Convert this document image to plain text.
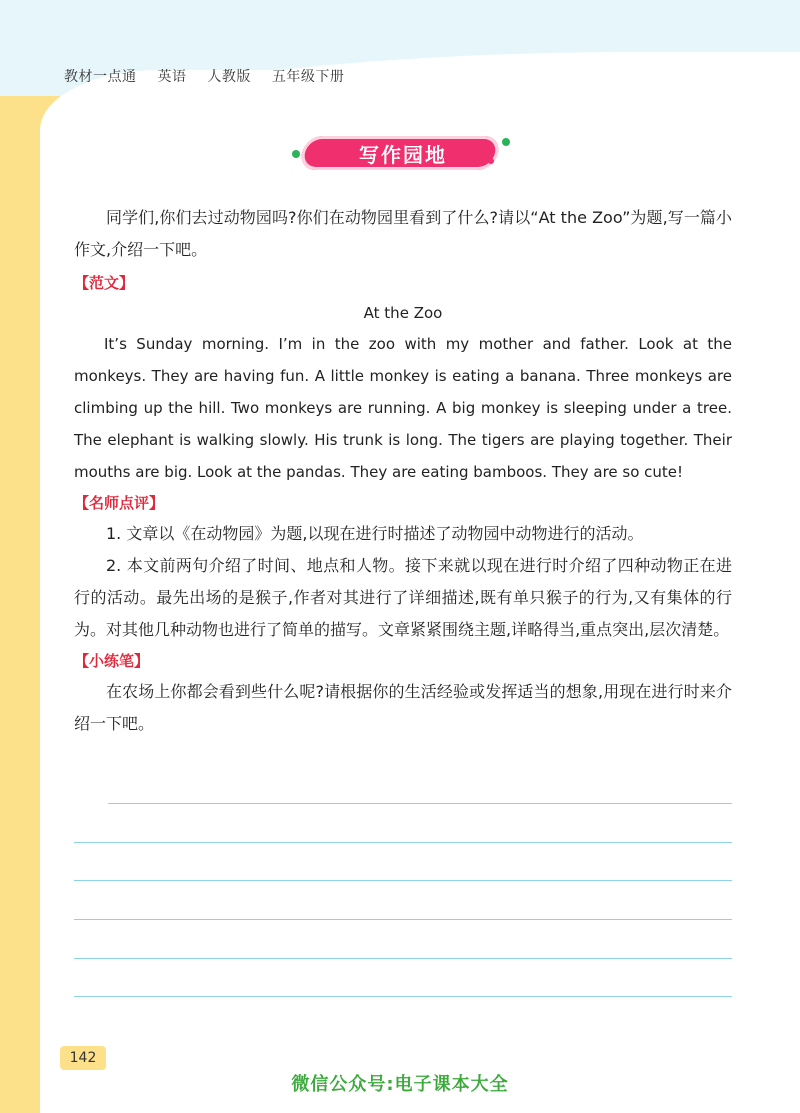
教材一点通 英语 人教版 五年级下册
写作园地

同学们,你们去过动物园吗?你们在动物园里看到了什么?请以“At the Zoo”为题,写一篇小作文,介绍一下吧。

【范文】
At the Zoo

It’s Sunday morning. I’m in the zoo with my mother and father. Look at the monkeys. They are having fun. A little monkey is eating a banana. Three monkeys are climbing up the hill. Two monkeys are running. A big monkey is sleeping under a tree. The elephant is walking slowly. His trunk is long. The tigers are playing together. Their mouths are big. Look at the pandas. They are eating bamboos. They are so cute!

【名师点评】

1. 文章以《在动物园》为题,以现在进行时描述了动物园中动物进行的活动。

2. 本文前两句介绍了时间、地点和人物。接下来就以现在进行时介绍了四种动物正在进行的活动。最先出场的是猴子,作者对其进行了详细描述,既有单只猴子的行为,又有集体的行为。对其他几种动物也进行了简单的描写。文章紧紧围绕主题,详略得当,重点突出,层次清楚。

【小练笔】

在农场上你都会看到些什么呢?请根据你的生活经验或发挥适当的想象,用现在进行时来介绍一下吧。

142
微信公众号:电子课本大全
